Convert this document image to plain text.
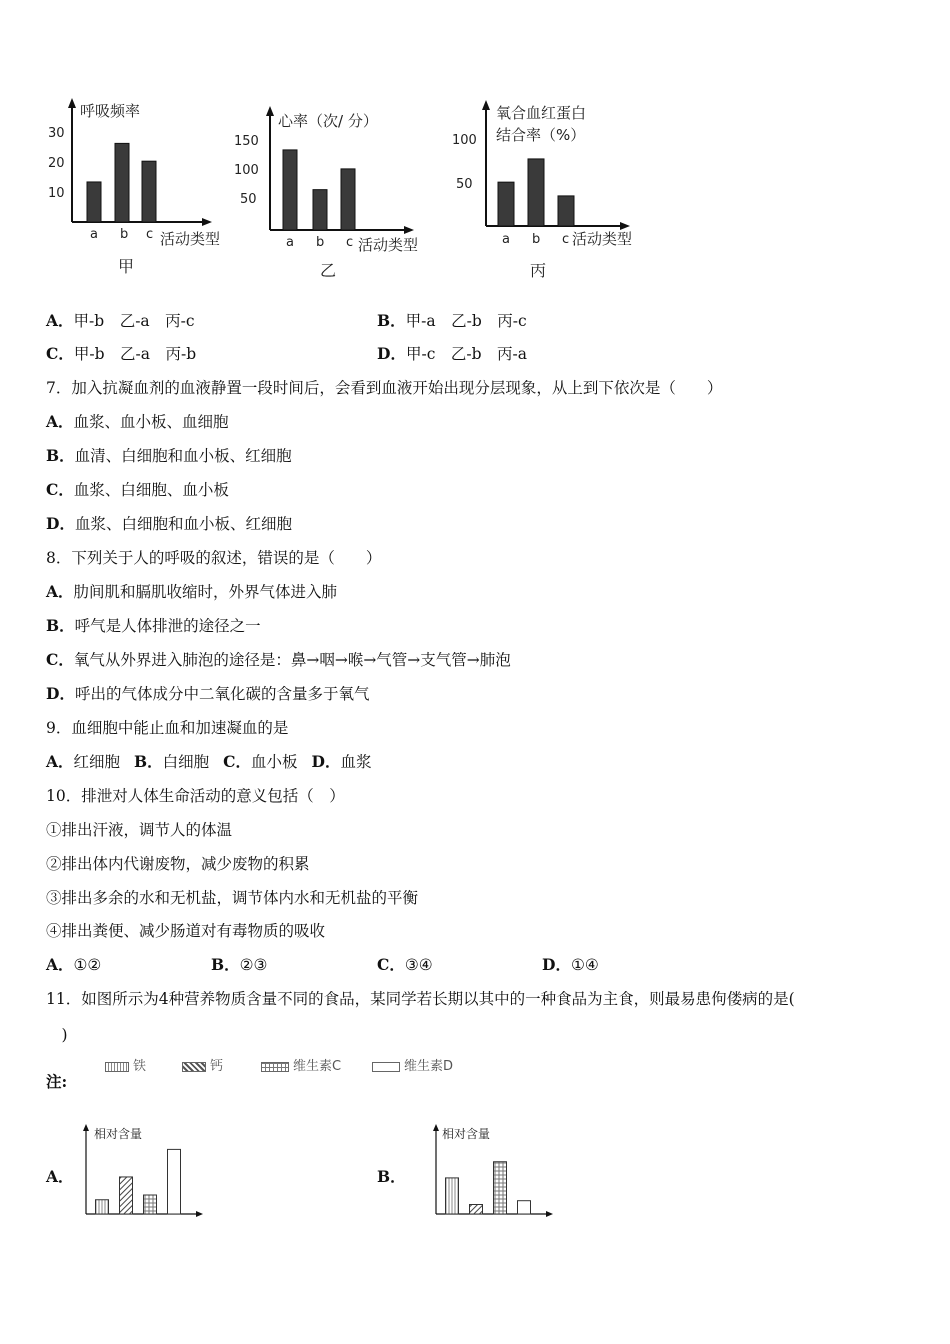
呼吸频率
30
20
10
a b c 活动类型
甲
心率（次/ 分）
150
100
50
a b c 活动类型
乙
氧合血红蛋白
结合率（%）
100
50
a b c 活动类型
丙
A．甲-b　乙-a　丙-c	B．甲-a　乙-b　丙-c
C．甲-b　乙-a　丙-b	D．甲-c　乙-b　丙-a
7．加入抗凝血剂的血液静置一段时间后，会看到血液开始出现分层现象，从上到下依次是（　　）
A．血浆、血小板、血细胞
B．血清、白细胞和血小板、红细胞
C．血浆、白细胞、血小板
D．血浆、白细胞和血小板、红细胞
8．下列关于人的呼吸的叙述，错误的是（　　）
A．肋间肌和膈肌收缩时，外界气体进入肺
B．呼气是人体排泄的途径之一
C．氧气从外界进入肺泡的途径是：鼻→咽→喉→气管→支气管→肺泡
D．呼出的气体成分中二氧化碳的含量多于氧气
9．血细胞中能止血和加速凝血的是
A．红细胞 B．白细胞 C．血小板 D．血浆
10．排泄对人体生命活动的意义包括（　）
①排出汗液，调节人的体温
②排出体内代谢废物，减少废物的积累
③排出多余的水和无机盐，调节体内水和无机盐的平衡
④排出粪便、减少肠道对有毒物质的吸收
A．①②	B．②③	C．③④	D．①④
11．如图所示为4种营养物质含量不同的食品，某同学若长期以其中的一种食品为主食，则最易患佝偻病的是(
　)
注:
铁	钙	维生素C	维生素D
A．
相对含量
B．
相对含量
